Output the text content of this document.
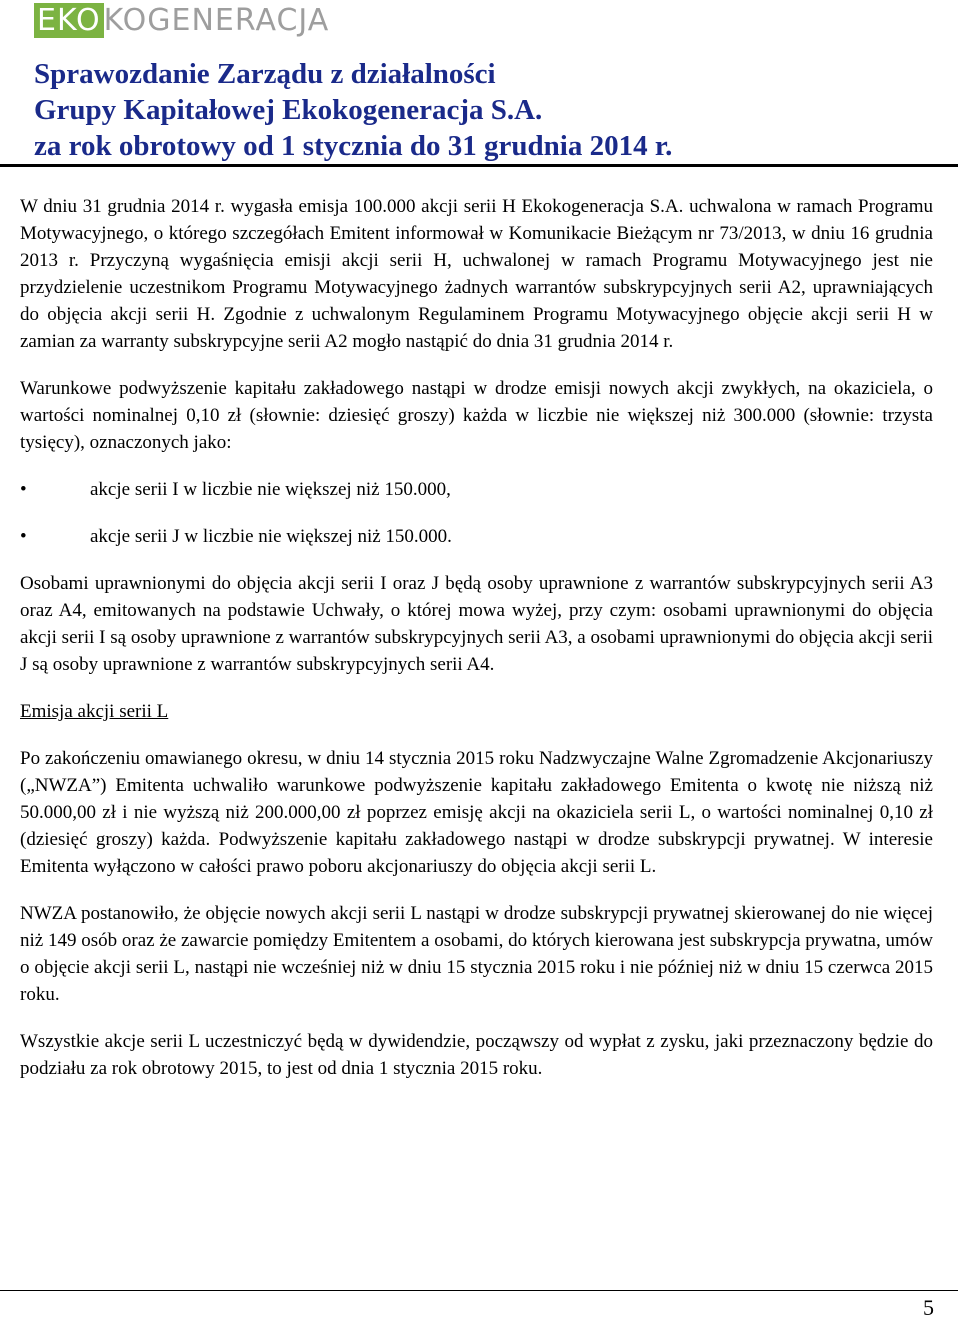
EKO KOGENERACJA
Sprawozdanie Zarządu z działalności
Grupy Kapitałowej Ekokogeneracja S.A.
za rok obrotowy od 1 stycznia do 31 grudnia 2014 r.

W dniu 31 grudnia 2014 r. wygasła emisja 100.000 akcji serii H Ekokogeneracja S.A. uchwalona w ramach Programu Motywacyjnego, o którego szczegółach Emitent informował w Komunikacie Bieżącym nr 73/2013, w dniu 16 grudnia 2013 r. Przyczyną wygaśnięcia emisji akcji serii H, uchwalonej w ramach Programu Motywacyjnego jest nie przydzielenie uczestnikom Programu Motywacyjnego żadnych warrantów subskrypcyjnych serii A2, uprawniających do objęcia akcji serii H. Zgodnie z uchwalonym Regulaminem Programu Motywacyjnego objęcie akcji serii H w zamian za warranty subskrypcyjne serii A2 mogło nastąpić do dnia 31 grudnia 2014 r.

Warunkowe podwyższenie kapitału zakładowego nastąpi w drodze emisji nowych akcji zwykłych, na okaziciela, o wartości nominalnej 0,10 zł (słownie: dziesięć groszy) każda w liczbie nie większej niż 300.000 (słownie: trzysta tysięcy), oznaczonych jako:

•	akcje serii I w liczbie nie większej niż 150.000,
•	akcje serii J w liczbie nie większej niż 150.000.

Osobami uprawnionymi do objęcia akcji serii I oraz J będą osoby uprawnione z warrantów subskrypcyjnych serii A3 oraz A4, emitowanych na podstawie Uchwały, o której mowa wyżej, przy czym: osobami uprawnionymi do objęcia akcji serii I są osoby uprawnione z warrantów subskrypcyjnych serii A3, a osobami uprawnionymi do objęcia akcji serii J są osoby uprawnione z warrantów subskrypcyjnych serii A4.

Emisja akcji serii L

Po zakończeniu omawianego okresu, w dniu 14 stycznia 2015 roku Nadzwyczajne Walne Zgromadzenie Akcjonariuszy („NWZA”) Emitenta uchwaliło warunkowe podwyższenie kapitału zakładowego Emitenta o kwotę nie niższą niż 50.000,00 zł i nie wyższą niż 200.000,00 zł poprzez emisję akcji na okaziciela serii L, o wartości nominalnej 0,10 zł (dziesięć groszy) każda. Podwyższenie kapitału zakładowego nastąpi w drodze subskrypcji prywatnej. W interesie Emitenta wyłączono w całości prawo poboru akcjonariuszy do objęcia akcji serii L.

NWZA postanowiło, że objęcie nowych akcji serii L nastąpi w drodze subskrypcji prywatnej skierowanej do nie więcej niż 149 osób oraz że zawarcie pomiędzy Emitentem a osobami, do których kierowana jest subskrypcja prywatna, umów o objęcie akcji serii L, nastąpi nie wcześniej niż w dniu 15 stycznia 2015 roku i nie później niż w dniu 15 czerwca 2015 roku.

Wszystkie akcje serii L uczestniczyć będą w dywidendzie, począwszy od wypłat z zysku, jaki przeznaczony będzie do podziału za rok obrotowy 2015, to jest od dnia 1 stycznia 2015 roku.

5
